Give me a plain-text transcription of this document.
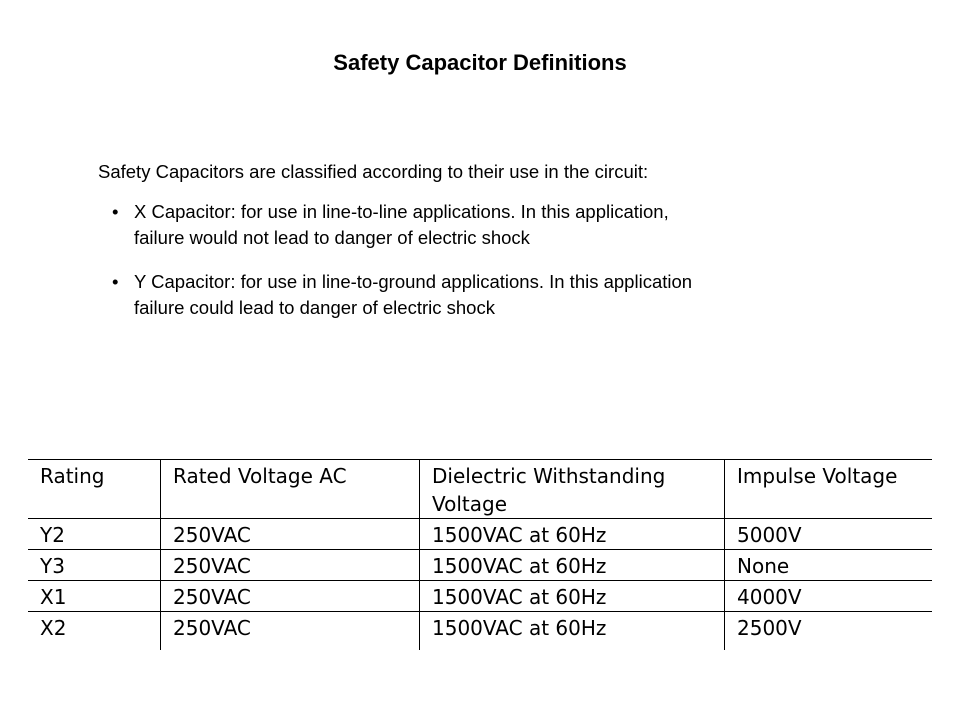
Safety Capacitor Definitions
Safety Capacitors are classified according to their use in the circuit:
• X Capacitor: for use in line-to-line applications. In this application,
failure would not lead to danger of electric shock
• Y Capacitor: for use in line-to-ground applications. In this application
failure could lead to danger of electric shock
Rating	Rated Voltage AC	Dielectric Withstanding Voltage	Impulse Voltage
Y2	250VAC	1500VAC at 60Hz	5000V
Y3	250VAC	1500VAC at 60Hz	None
X1	250VAC	1500VAC at 60Hz	4000V
X2	250VAC	1500VAC at 60Hz	2500V
